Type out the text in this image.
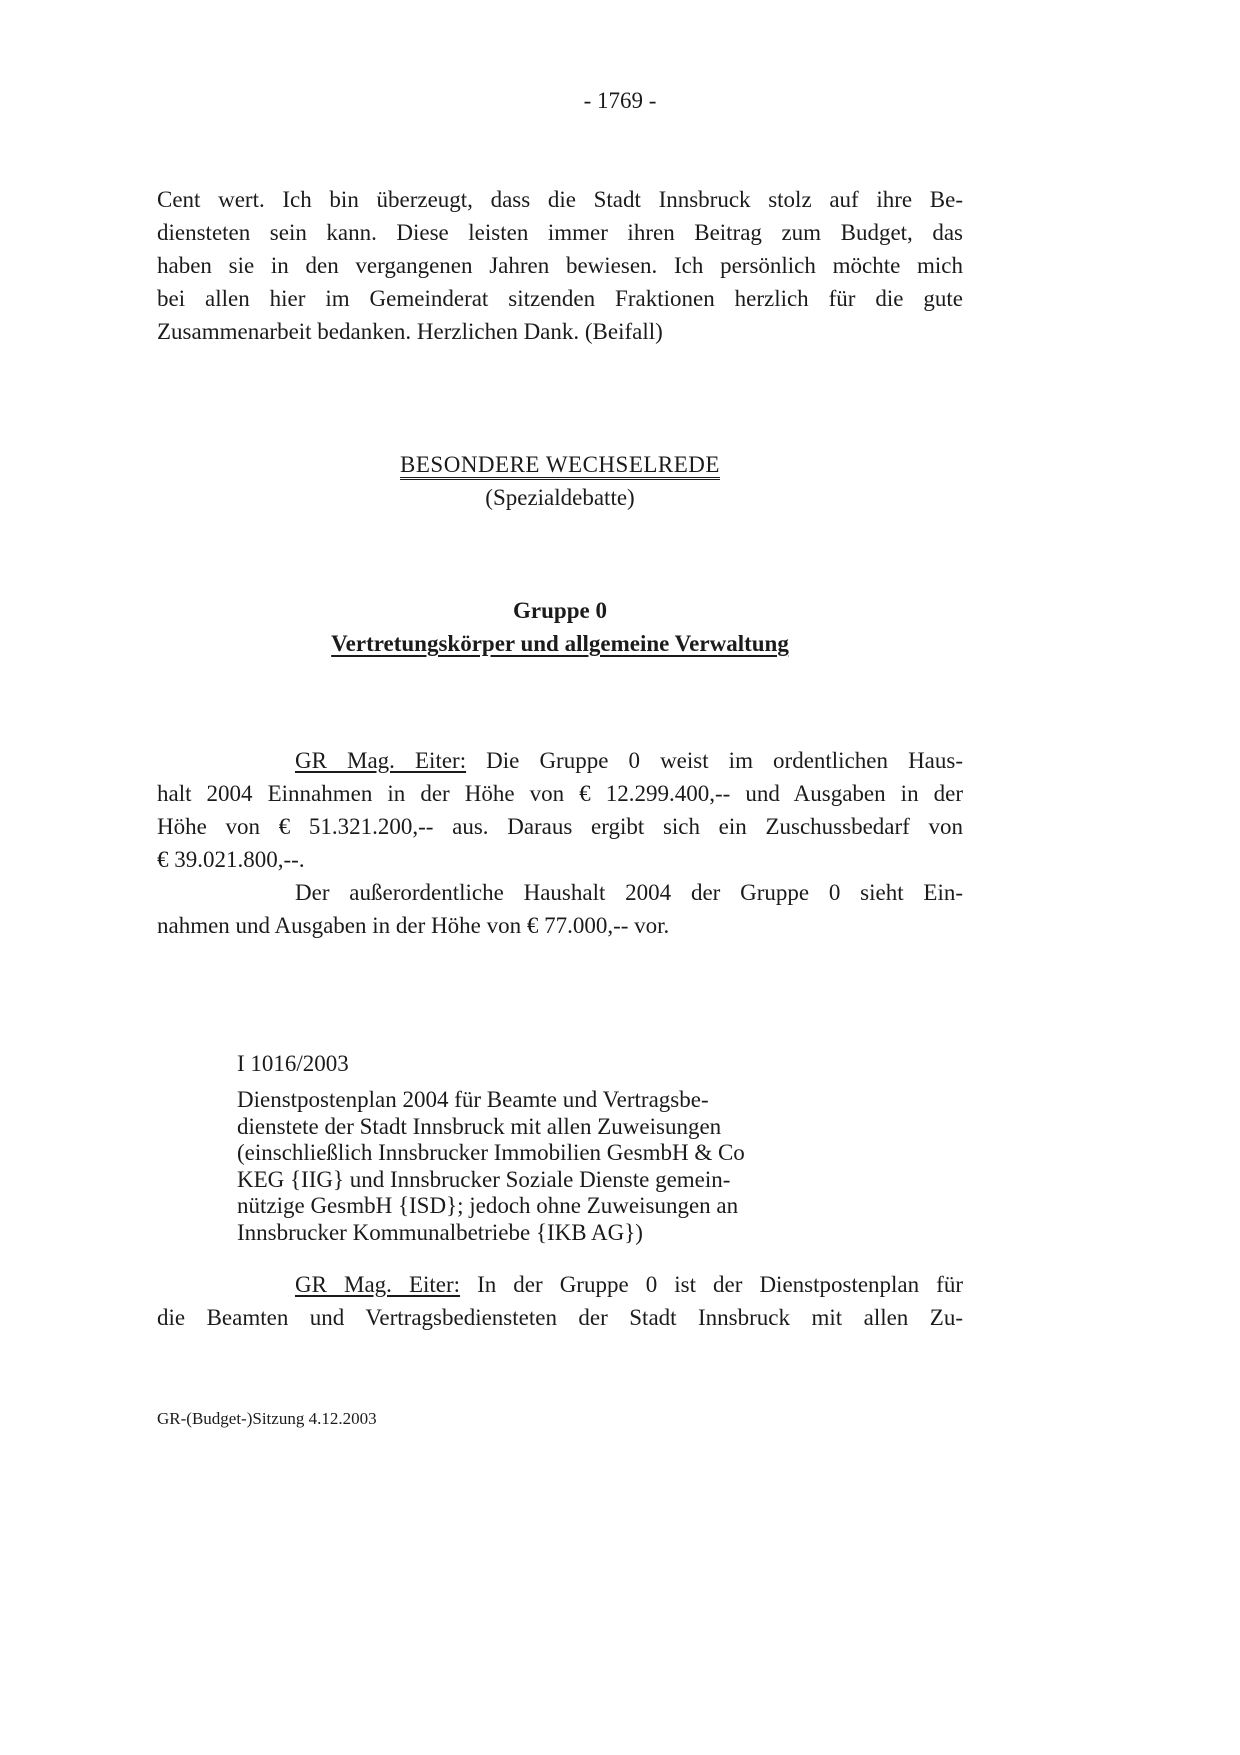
- 1769 -
Cent wert. Ich bin überzeugt, dass die Stadt Innsbruck stolz auf ihre Be-
diensteten sein kann. Diese leisten immer ihren Beitrag zum Budget, das
haben sie in den vergangenen Jahren bewiesen. Ich persönlich möchte mich
bei allen hier im Gemeinderat sitzenden Fraktionen herzlich für die gute
Zusammenarbeit bedanken. Herzlichen Dank. (Beifall)
BESONDERE WECHSELREDE
(Spezialdebatte)
Gruppe 0
Vertretungskörper und allgemeine Verwaltung
GR Mag. Eiter: Die Gruppe 0 weist im ordentlichen Haus-
halt 2004 Einnahmen in der Höhe von € 12.299.400,-- und Ausgaben in der
Höhe von € 51.321.200,-- aus. Daraus ergibt sich ein Zuschussbedarf von
€ 39.021.800,--.
Der außerordentliche Haushalt 2004 der Gruppe 0 sieht Ein-
nahmen und Ausgaben in der Höhe von € 77.000,-- vor.
I 1016/2003
Dienstpostenplan 2004 für Beamte und Vertragsbe-
dienstete der Stadt Innsbruck mit allen Zuweisungen
(einschließlich Innsbrucker Immobilien GesmbH & Co
KEG {IIG} und Innsbrucker Soziale Dienste gemein-
nützige GesmbH {ISD}; jedoch ohne Zuweisungen an
Innsbrucker Kommunalbetriebe {IKB AG})
GR Mag. Eiter: In der Gruppe 0 ist der Dienstpostenplan für
die Beamten und Vertragsbediensteten der Stadt Innsbruck mit allen Zu-
GR-(Budget-)Sitzung 4.12.2003
